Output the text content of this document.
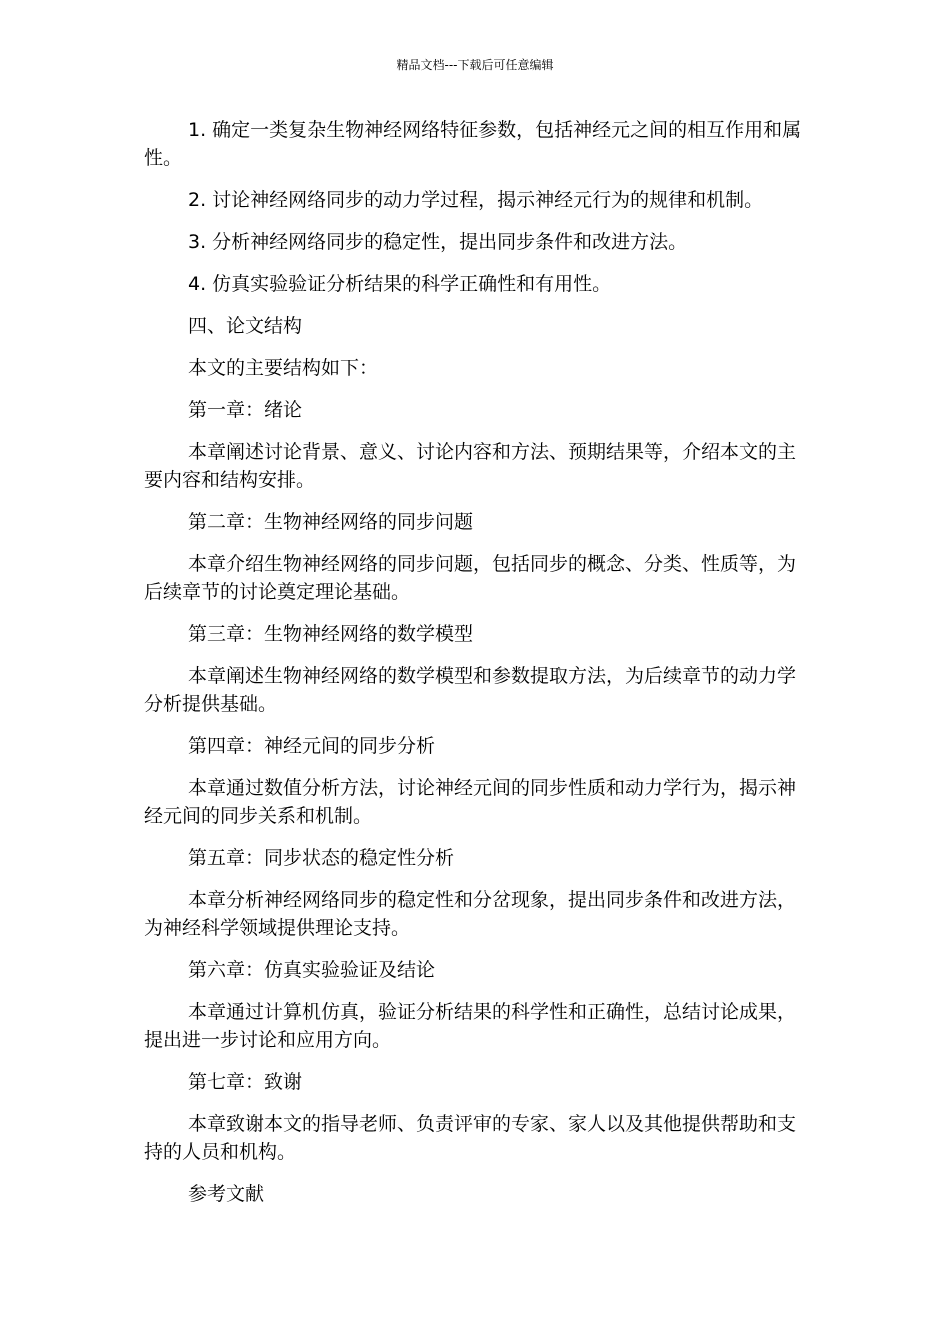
精品文档---下载后可任意编辑

1. 确定一类复杂生物神经网络特征参数，包括神经元之间的相互作用和属性。

2. 讨论神经网络同步的动力学过程，揭示神经元行为的规律和机制。

3. 分析神经网络同步的稳定性，提出同步条件和改进方法。

4. 仿真实验验证分析结果的科学正确性和有用性。

四、论文结构

本文的主要结构如下：

第一章：绪论

本章阐述讨论背景、意义、讨论内容和方法、预期结果等，介绍本文的主要内容和结构安排。

第二章：生物神经网络的同步问题

本章介绍生物神经网络的同步问题，包括同步的概念、分类、性质等，为后续章节的讨论奠定理论基础。

第三章：生物神经网络的数学模型

本章阐述生物神经网络的数学模型和参数提取方法，为后续章节的动力学分析提供基础。

第四章：神经元间的同步分析

本章通过数值分析方法，讨论神经元间的同步性质和动力学行为，揭示神经元间的同步关系和机制。

第五章：同步状态的稳定性分析

本章分析神经网络同步的稳定性和分岔现象，提出同步条件和改进方法，为神经科学领域提供理论支持。

第六章：仿真实验验证及结论

本章通过计算机仿真，验证分析结果的科学性和正确性，总结讨论成果，提出进一步讨论和应用方向。

第七章：致谢

本章致谢本文的指导老师、负责评审的专家、家人以及其他提供帮助和支持的人员和机构。

参考文献
